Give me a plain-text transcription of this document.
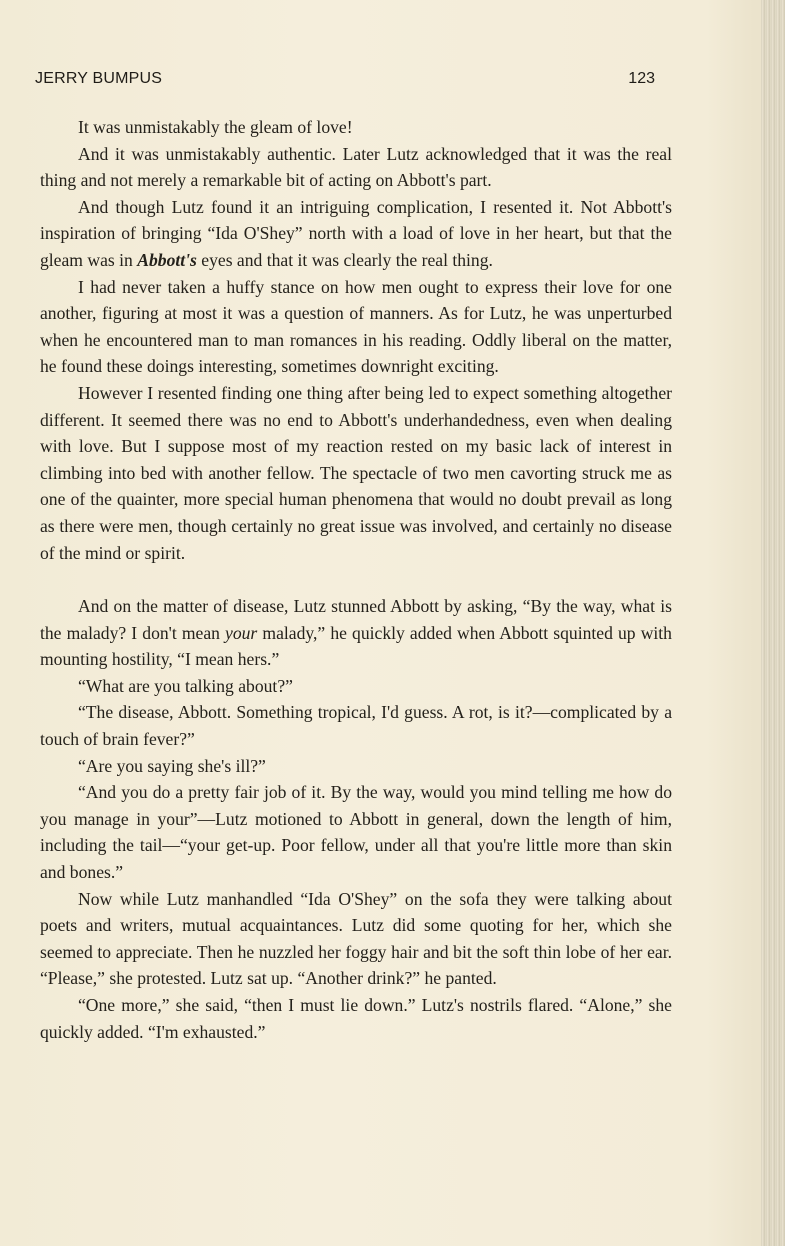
JERRY BUMPUS	123

It was unmistakably the gleam of love!

And it was unmistakably authentic. Later Lutz acknowledged that it was the real thing and not merely a remarkable bit of acting on Abbott's part.

And though Lutz found it an intriguing complication, I resented it. Not Abbott's inspiration of bringing “Ida O'Shey” north with a load of love in her heart, but that the gleam was in Abbott's eyes and that it was clearly the real thing.

I had never taken a huffy stance on how men ought to express their love for one another, figuring at most it was a question of manners. As for Lutz, he was unperturbed when he encountered man to man romances in his reading. Oddly liberal on the matter, he found these doings interesting, sometimes downright exciting.

However I resented finding one thing after being led to expect something altogether different. It seemed there was no end to Abbott's underhandedness, even when dealing with love. But I suppose most of my reaction rested on my basic lack of interest in climbing into bed with another fellow. The spectacle of two men cavorting struck me as one of the quainter, more special human phenomena that would no doubt prevail as long as there were men, though certainly no great issue was involved, and certainly no disease of the mind or spirit.

And on the matter of disease, Lutz stunned Abbott by asking, “By the way, what is the malady? I don't mean your malady,” he quickly added when Abbott squinted up with mounting hostility, “I mean hers.”

“What are you talking about?”

“The disease, Abbott. Something tropical, I'd guess. A rot, is it?—complicated by a touch of brain fever?”

“Are you saying she's ill?”

“And you do a pretty fair job of it. By the way, would you mind telling me how do you manage in your”—Lutz motioned to Abbott in general, down the length of him, including the tail—“your get-up. Poor fellow, under all that you're little more than skin and bones.”

Now while Lutz manhandled “Ida O'Shey” on the sofa they were talking about poets and writers, mutual acquaintances. Lutz did some quoting for her, which she seemed to appreciate. Then he nuzzled her foggy hair and bit the soft thin lobe of her ear. “Please,” she protested. Lutz sat up. “Another drink?” he panted.

“One more,” she said, “then I must lie down.” Lutz's nostrils flared. “Alone,” she quickly added. “I'm exhausted.”
